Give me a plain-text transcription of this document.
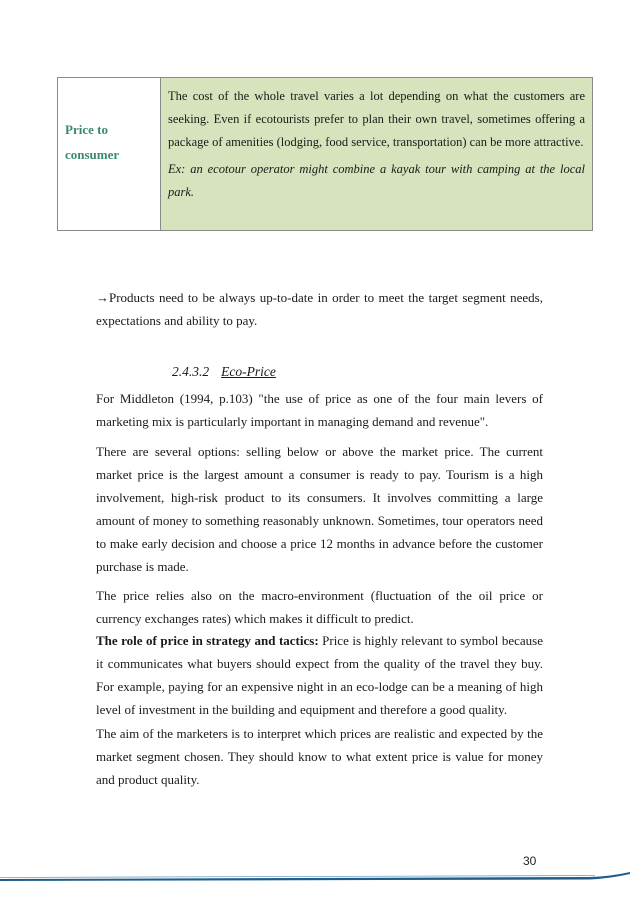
Price to consumer

The cost of the whole travel varies a lot depending on what the customers are seeking. Even if ecotourists prefer to plan their own travel, sometimes offering a package of amenities (lodging, food service, transportation) can be more attractive.

Ex: an ecotour operator might combine a kayak tour with camping at the local park.

→Products need to be always up-to-date in order to meet the target segment needs, expectations and ability to pay.

2.4.3.2 Eco-Price

For Middleton (1994, p.103) "the use of price as one of the four main levers of marketing mix is particularly important in managing demand and revenue".

There are several options: selling below or above the market price. The current market price is the largest amount a consumer is ready to pay. Tourism is a high involvement, high-risk product to its consumers. It involves committing a large amount of money to something reasonably unknown. Sometimes, tour operators need to make early decision and choose a price 12 months in advance before the customer purchase is made.

The price relies also on the macro-environment (fluctuation of the oil price or currency exchanges rates) which makes it difficult to predict.

The role of price in strategy and tactics: Price is highly relevant to symbol because it communicates what buyers should expect from the quality of the travel they buy. For example, paying for an expensive night in an eco-lodge can be a meaning of high level of investment in the building and equipment and therefore a good quality.

The aim of the marketers is to interpret which prices are realistic and expected by the market segment chosen. They should know to what extent price is value for money and product quality.

30
